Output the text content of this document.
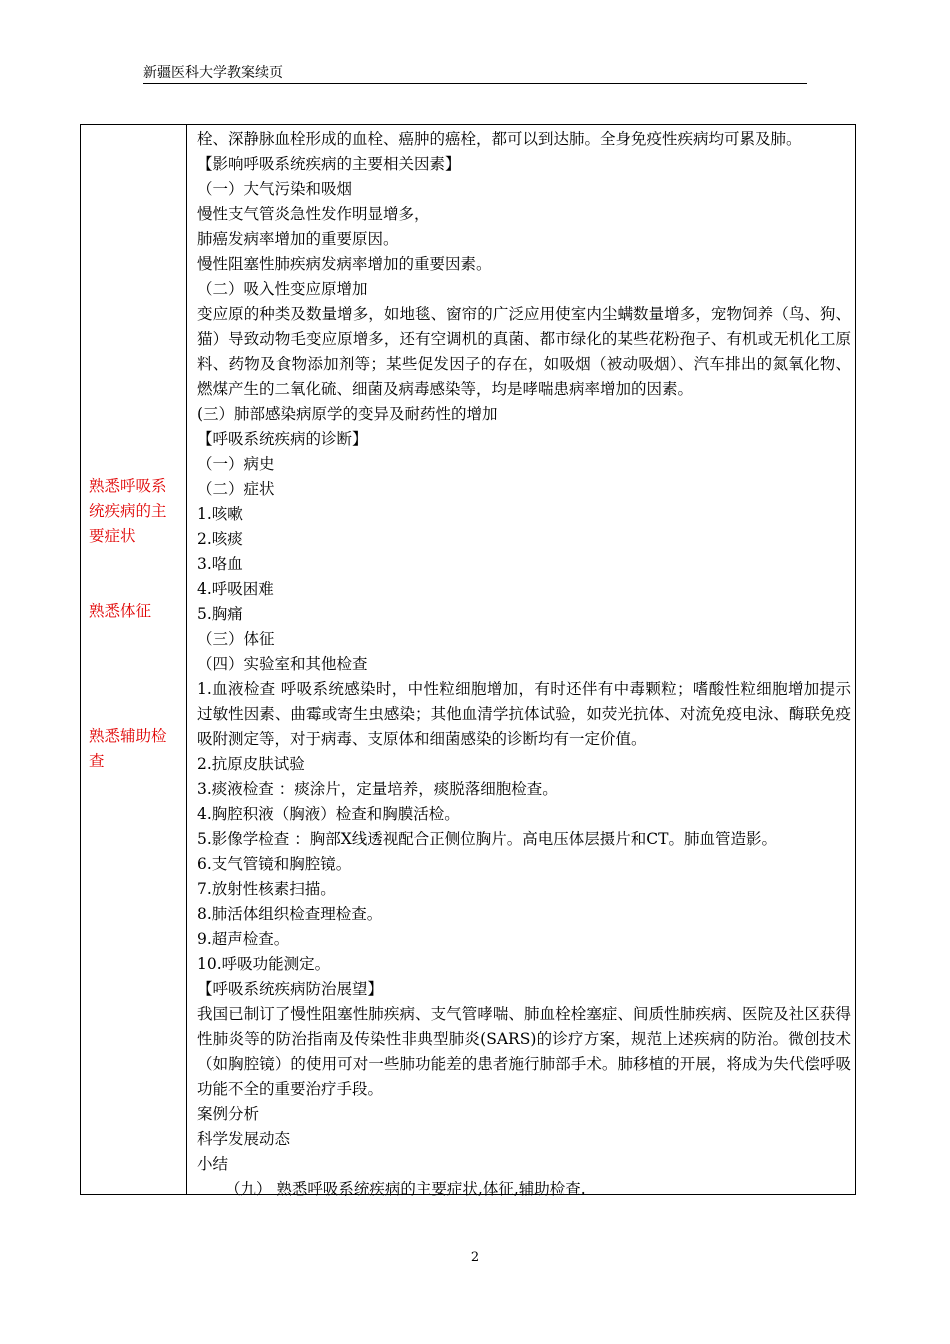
新疆医科大学教案续页
熟悉呼吸系统疾病的主要症状
熟悉体征
熟悉辅助检查
栓、深静脉血栓形成的血栓、癌肿的癌栓，都可以到达肺。全身免疫性疾病均可累及肺。
【影响呼吸系统疾病的主要相关因素】
（一）大气污染和吸烟
慢性支气管炎急性发作明显增多，
肺癌发病率增加的重要原因。
慢性阻塞性肺疾病发病率增加的重要因素。
（二）吸入性变应原增加
变应原的种类及数量增多，如地毯、窗帘的广泛应用使室内尘螨数量增多，宠物饲养（鸟、狗、猫）导致动物毛变应原增多，还有空调机的真菌、都市绿化的某些花粉孢子、有机或无机化工原料、药物及食物添加剂等；某些促发因子的存在，如吸烟（被动吸烟）、汽车排出的氮氧化物、燃煤产生的二氧化硫、细菌及病毒感染等，均是哮喘患病率增加的因素。
(三）肺部感染病原学的变异及耐药性的增加
【呼吸系统疾病的诊断】
（一）病史
（二）症状
1.咳嗽
2.咳痰
3.咯血
4.呼吸困难
5.胸痛
（三）体征
（四）实验室和其他检查
1.血液检查 呼吸系统感染时，中性粒细胞增加，有时还伴有中毒颗粒；嗜酸性粒细胞增加提示过敏性因素、曲霉或寄生虫感染；其他血清学抗体试验，如荧光抗体、对流免疫电泳、酶联免疫吸附测定等，对于病毒、支原体和细菌感染的诊断均有一定价值。
2.抗原皮肤试验
3.痰液检查 ：痰涂片，定量培养，痰脱落细胞检查。
4.胸腔积液（胸液）检查和胸膜活检。
5.影像学检查 ：胸部X线透视配合正侧位胸片。高电压体层摄片和CT。肺血管造影。
6.支气管镜和胸腔镜。
7.放射性核素扫描。
8.肺活体组织检查理检查。
9.超声检查。
10.呼吸功能测定。
【呼吸系统疾病防治展望】
我国已制订了慢性阻塞性肺疾病、支气管哮喘、肺血栓栓塞症、间质性肺疾病、医院及社区获得性肺炎等的防治指南及传染性非典型肺炎(SARS)的诊疗方案，规范上述疾病的防治。微创技术（如胸腔镜）的使用可对一些肺功能差的患者施行肺部手术。肺移植的开展，将成为失代偿呼吸功能不全的重要治疗手段。
案例分析
科学发展动态
小结
（九） 熟悉呼吸系统疾病的主要症状,体征,辅助检查.
2
